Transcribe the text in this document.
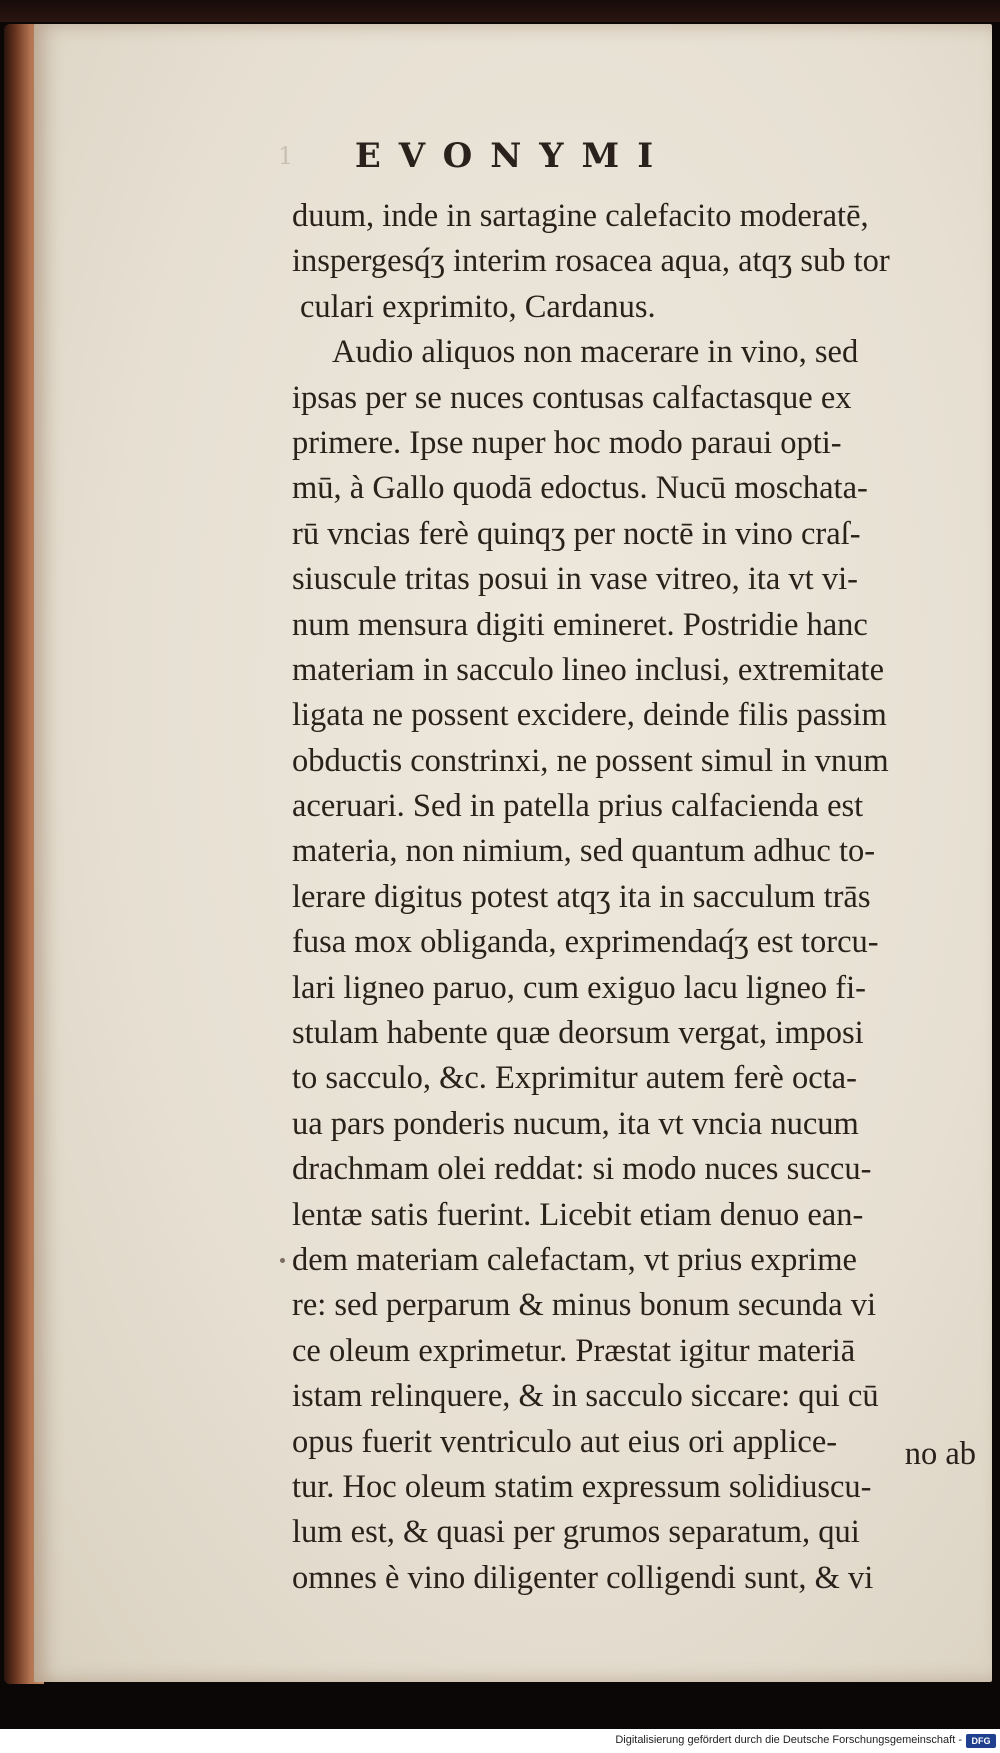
1	EVONYMI
duum, inde in sartagine calefacito moderatē,
inspergesq́ʒ interim rosacea aqua, atqʒ sub tor
culari exprimito, Cardanus.
Audio aliquos non macerare in vino, sed
ipsas per se nuces contusas calfactasque ex
primere. Ipse nuper hoc modo paraui opti-
mū, à Gallo quodā edoctus. Nucū moschata-
rū vncias ferè quinqʒ per noctē in vino craſ-
siuscule tritas posui in vase vitreo, ita vt vi-
num mensura digiti emineret. Postridie hanc
materiam in sacculo lineo inclusi, extremitate
ligata ne possent excidere, deinde filis passim
obductis constrinxi, ne possent simul in vnum
aceruari. Sed in patella prius calfacienda est
materia, non nimium, sed quantum adhuc to-
lerare digitus potest atqʒ ita in sacculum trās
fusa mox obliganda, exprimendaq́ʒ est torcu-
lari ligneo paruo, cum exiguo lacu ligneo fi-
stulam habente quæ deorsum vergat, imposi
to sacculo, &c. Exprimitur autem ferè octa-
ua pars ponderis nucum, ita vt vncia nucum
drachmam olei reddat: si modo nuces succu-
lentæ satis fuerint. Licebit etiam denuo ean-
dem materiam calefactam, vt prius exprime
re: sed perparum & minus bonum secunda vi
ce oleum exprimetur. Præstat igitur materiā
istam relinquere, & in sacculo siccare: qui cū
opus fuerit ventriculo aut eius ori applice-
tur. Hoc oleum statim expressum solidiuscu-
lum est, & quasi per grumos separatum, qui
omnes è vino diligenter colligendi sunt, & vi
no ab
Digitalisierung gefördert durch die Deutsche Forschungsgemeinschaft -	DFG
